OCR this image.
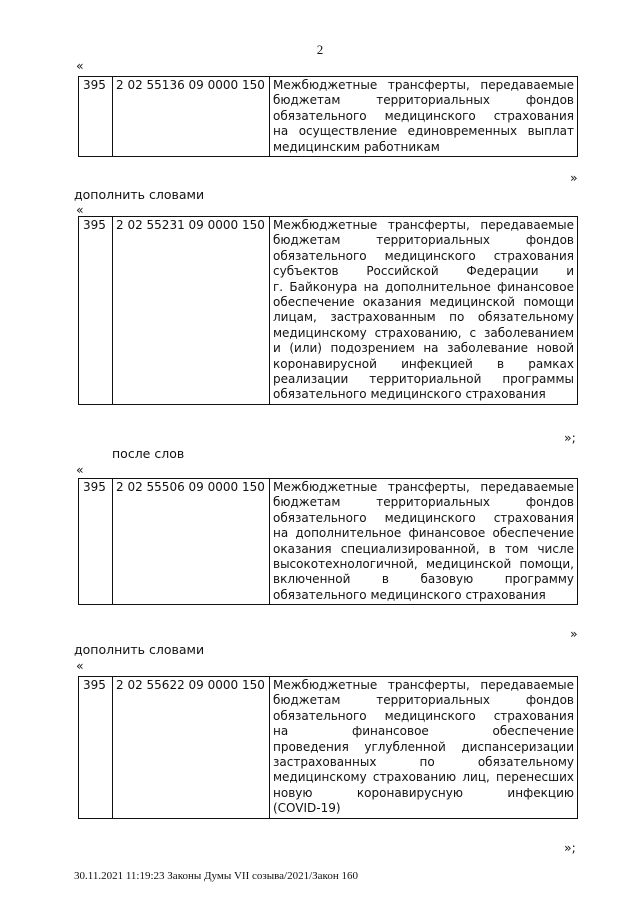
2
«
395	2 02 55136 09 0000 150	Межбюджетные трансферты, передаваемые
бюджетам территориальных фондов
обязательного медицинского страхования
на осуществление единовременных выплат
медицинским работникам
»
дополнить словами
«
395	2 02 55231 09 0000 150	Межбюджетные трансферты, передаваемые
бюджетам территориальных фондов
обязательного медицинского страхования
субъектов Российской Федерации и
г. Байконура на дополнительное финансовое
обеспечение оказания медицинской помощи
лицам, застрахованным по обязательному
медицинскому страхованию, с заболеванием
и (или) подозрением на заболевание новой
коронавирусной инфекцией в рамках
реализации территориальной программы
обязательного медицинского страхования
»;
после слов
«
395	2 02 55506 09 0000 150	Межбюджетные трансферты, передаваемые
бюджетам территориальных фондов
обязательного медицинского страхования
на дополнительное финансовое обеспечение
оказания специализированной, в том числе
высокотехнологичной, медицинской помощи,
включенной в базовую программу
обязательного медицинского страхования
»
дополнить словами
«
395	2 02 55622 09 0000 150	Межбюджетные трансферты, передаваемые
бюджетам территориальных фондов
обязательного медицинского страхования
на финансовое обеспечение
проведения углубленной диспансеризации
застрахованных по обязательному
медицинскому страхованию лиц, перенесших
новую коронавирусную инфекцию
(COVID-19)
»;
30.11.2021 11:19:23 Законы Думы VII созыва/2021/Закон 160
